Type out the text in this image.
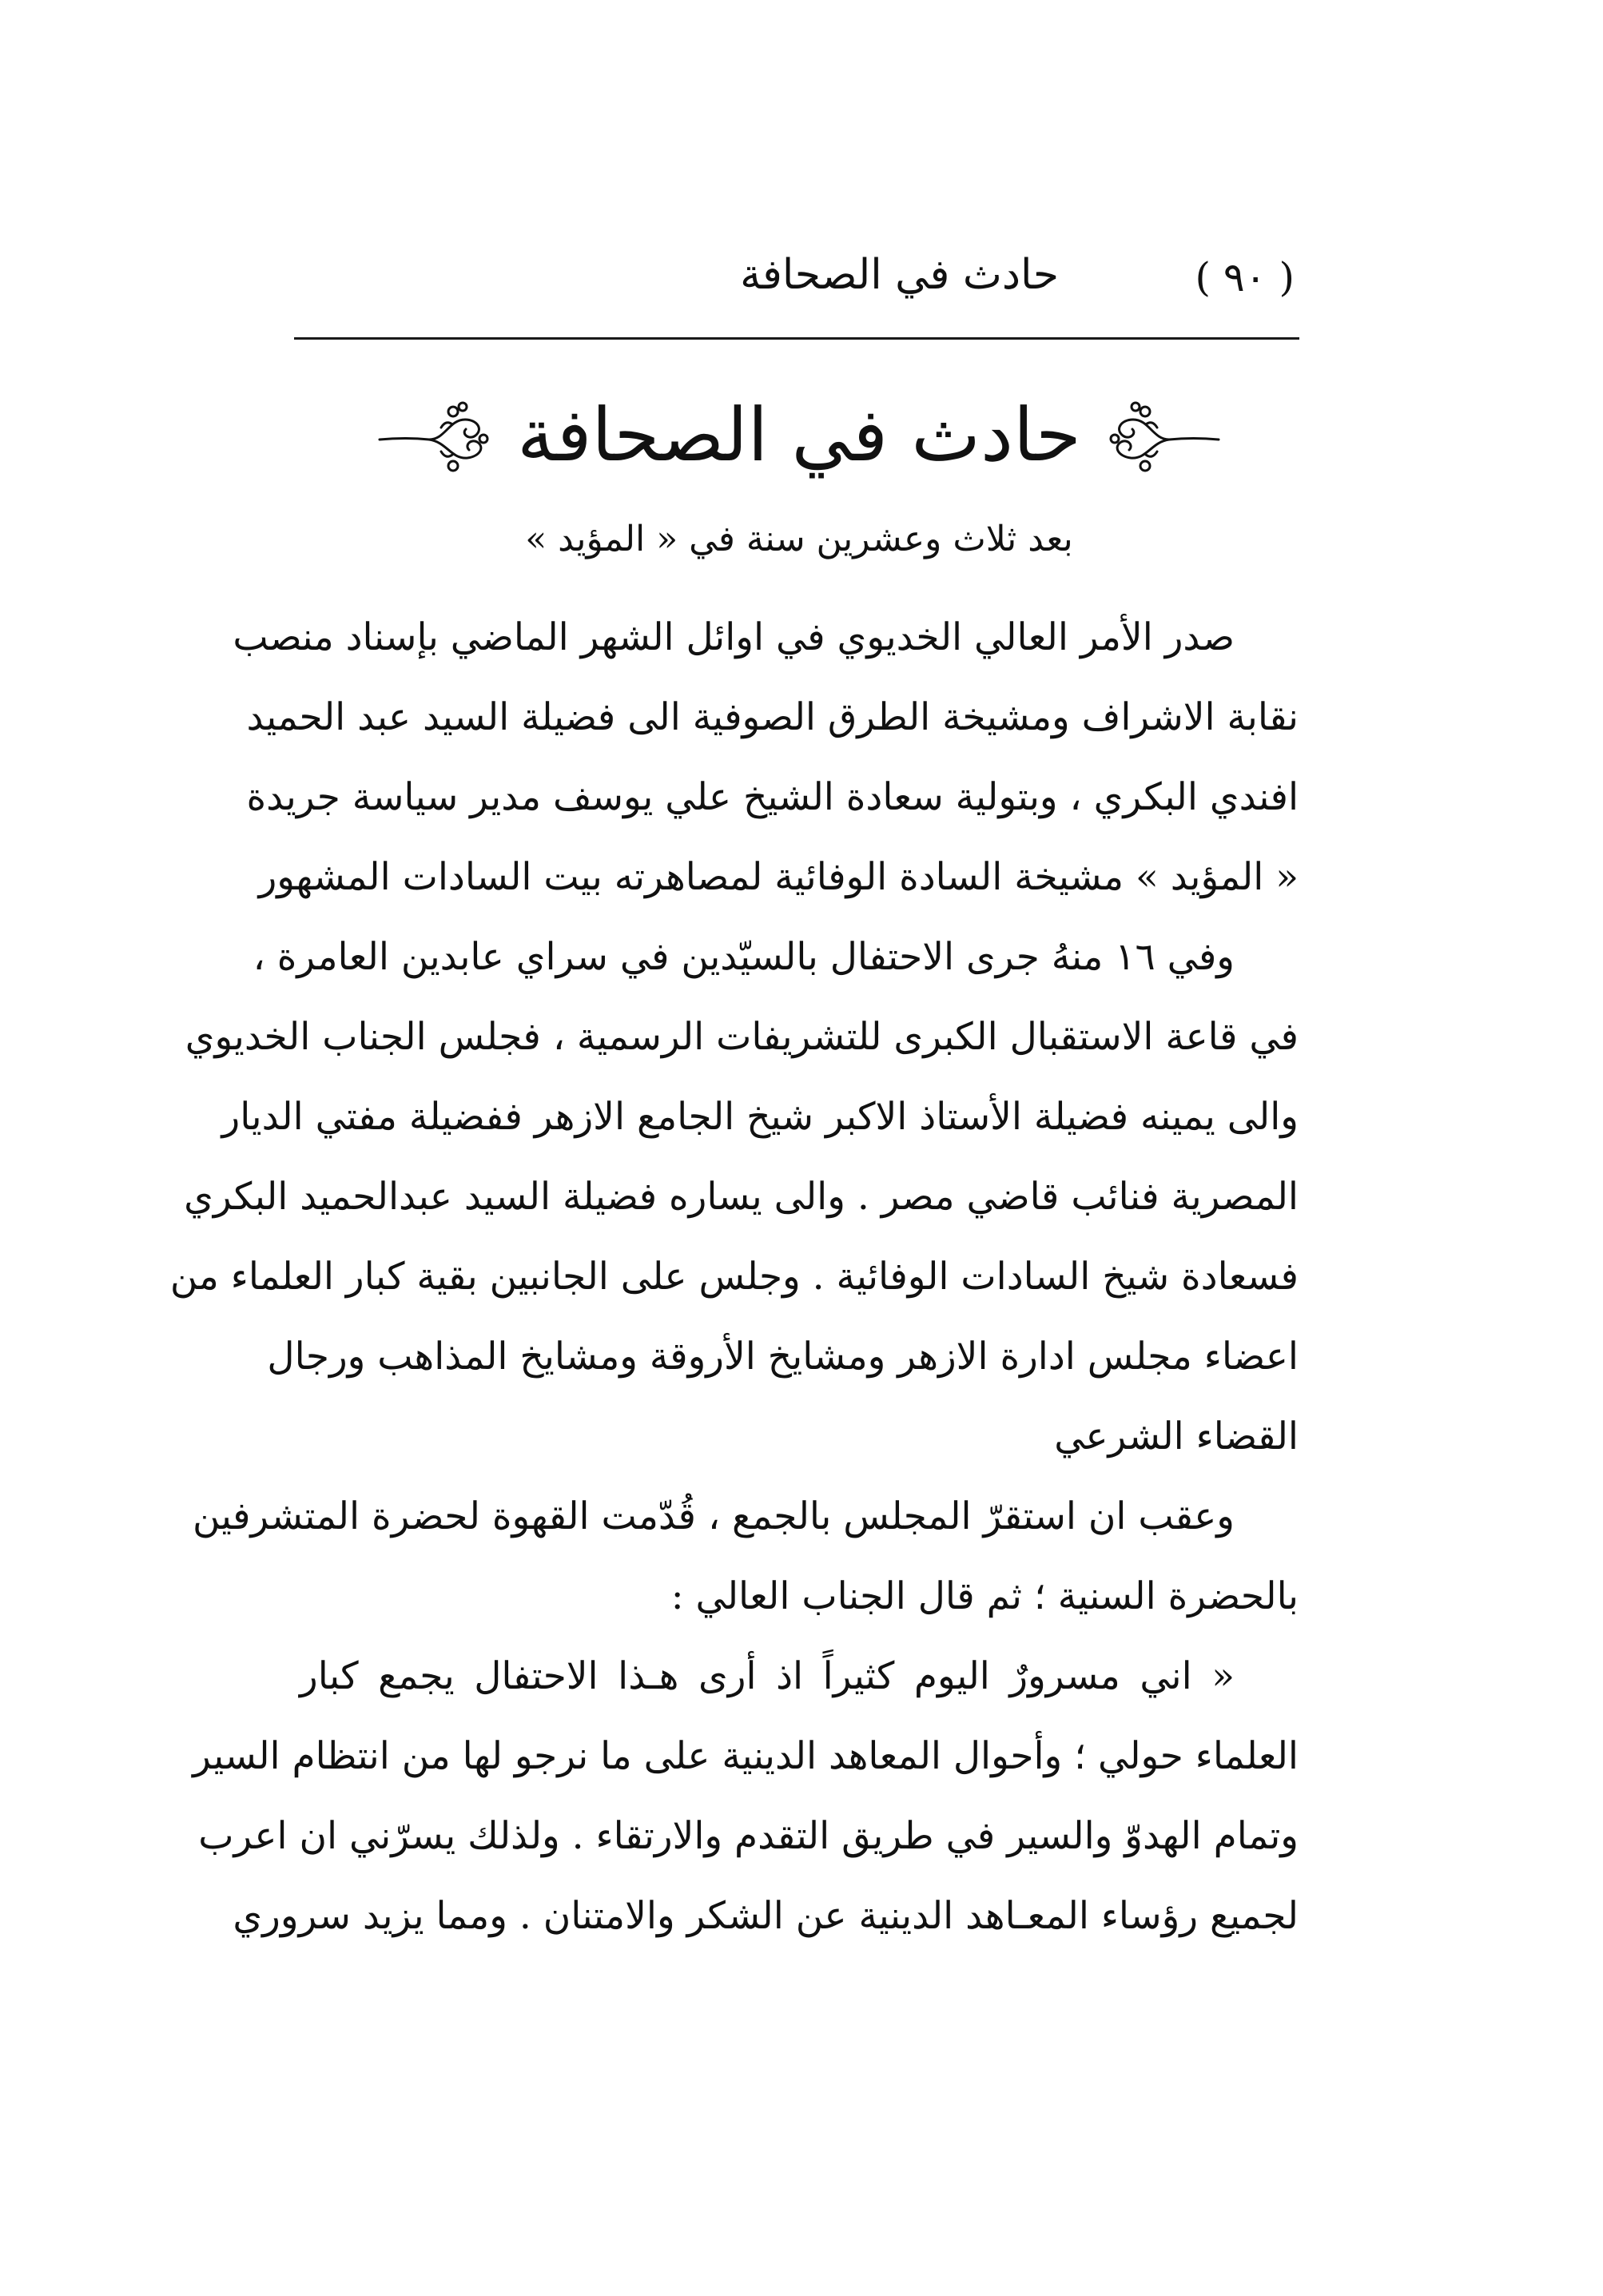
( ٩٠ )
حادث في الصحافة
حادث في الصحافة
بعد ثلاث وعشرين سنة في « المؤيد »
صدر الأمر العالي الخديوي في اوائل الشهر الماضي بإسناد منصب
نقابة الاشراف ومشيخة الطرق الصوفية الى فضيلة السيد عبد الحميد
افندي البكري ، وبتولية سعادة الشيخ علي يوسف مدير سياسة جريدة
« المؤيد » مشيخة السادة الوفائية لمصاهرته بيت السادات المشهور
وفي ١٦ منهُ جرى الاحتفال بالسيّدين في سراي عابدين العامرة ،
في قاعة الاستقبال الكبرى للتشريفات الرسمية ، فجلس الجناب الخديوي
والى يمينه فضيلة الأستاذ الاكبر شيخ الجامع الازهر ففضيلة مفتي الديار
المصرية فنائب قاضي مصر . والى يساره فضيلة السيد عبدالحميد البكري
فسعادة شيخ السادات الوفائية . وجلس على الجانبين بقية كبار العلماء من
اعضاء مجلس ادارة الازهر ومشايخ الأروقة ومشايخ المذاهب ورجال
القضاء الشرعي
وعقب ان استقرّ المجلس بالجمع ، قُدّمت القهوة لحضرة المتشرفين
بالحضرة السنية ؛ ثم قال الجناب العالي :
« اني مسرورٌ اليوم كثيراً اذ أرى هـذا الاحتفال يجمع كبار
العلماء حولي ؛ وأحوال المعاهد الدينية على ما نرجو لها من انتظام السير
وتمام الهدوّ والسير في طريق التقدم والارتقاء . ولذلك يسرّني ان اعرب
لجميع رؤساء المعـاهد الدينية عن الشكر والامتنان . ومما يزيد سروري
